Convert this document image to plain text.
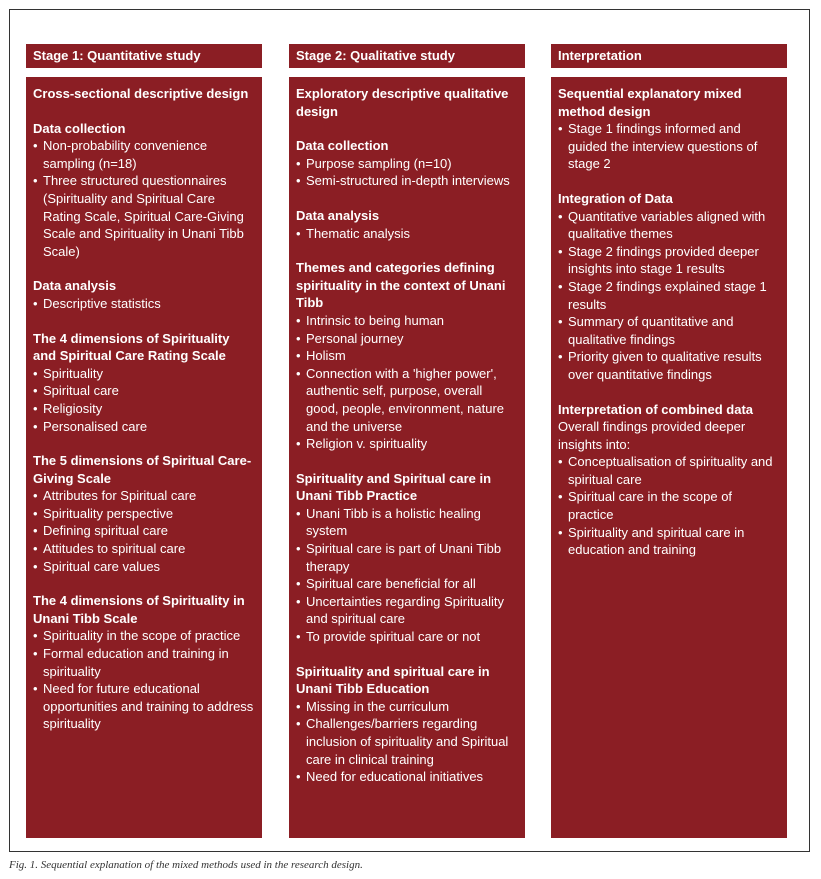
Stage 1: Quantitative study
Cross-sectional descriptive design
Data collection
• Non-probability convenience sampling (n=18)
• Three structured questionnaires (Spirituality and Spiritual Care Rating Scale, Spiritual Care-Giving Scale and Spirituality in Unani Tibb Scale)
Data analysis
• Descriptive statistics
The 4 dimensions of Spirituality and Spiritual Care Rating Scale
• Spirituality
• Spiritual care
• Religiosity
• Personalised care
The 5 dimensions of Spiritual Care-Giving Scale
• Attributes for Spiritual care
• Spirituality perspective
• Defining spiritual care
• Attitudes to spiritual care
• Spiritual care values
The 4 dimensions of Spirituality in Unani Tibb Scale
• Spirituality in the scope of practice
• Formal education and training in spirituality
• Need for future educational opportunities and training to address spirituality
Stage 2: Qualitative study
Exploratory descriptive qualitative design
Data collection
• Purpose sampling (n=10)
• Semi-structured in-depth interviews
Data analysis
• Thematic analysis
Themes and categories defining spirituality in the context of Unani Tibb
• Intrinsic to being human
• Personal journey
• Holism
• Connection with a 'higher power', authentic self, purpose, overall good, people, environment, nature and the universe
• Religion v. spirituality
Spirituality and Spiritual care in Unani Tibb Practice
• Unani Tibb is a holistic healing system
• Spiritual care is part of Unani Tibb therapy
• Spiritual care beneficial for all
• Uncertainties regarding Spirituality and spiritual care
• To provide spiritual care or not
Spirituality and spiritual care in Unani Tibb Education
• Missing in the curriculum
• Challenges/barriers regarding inclusion of spirituality and Spiritual care in clinical training
• Need for educational initiatives
Interpretation
Sequential explanatory mixed method design
• Stage 1 findings informed and guided the interview questions of stage 2
Integration of Data
• Quantitative variables aligned with qualitative themes
• Stage 2 findings provided deeper insights into stage 1 results
• Stage 2 findings explained stage 1 results
• Summary of quantitative and qualitative findings
• Priority given to qualitative results over quantitative findings
Interpretation of combined data
Overall findings provided deeper insights into:
• Conceptualisation of spirituality and spiritual care
• Spiritual care in the scope of practice
• Spirituality and spiritual care in education and training
Fig. 1. Sequential explanation of the mixed methods used in the research design.
